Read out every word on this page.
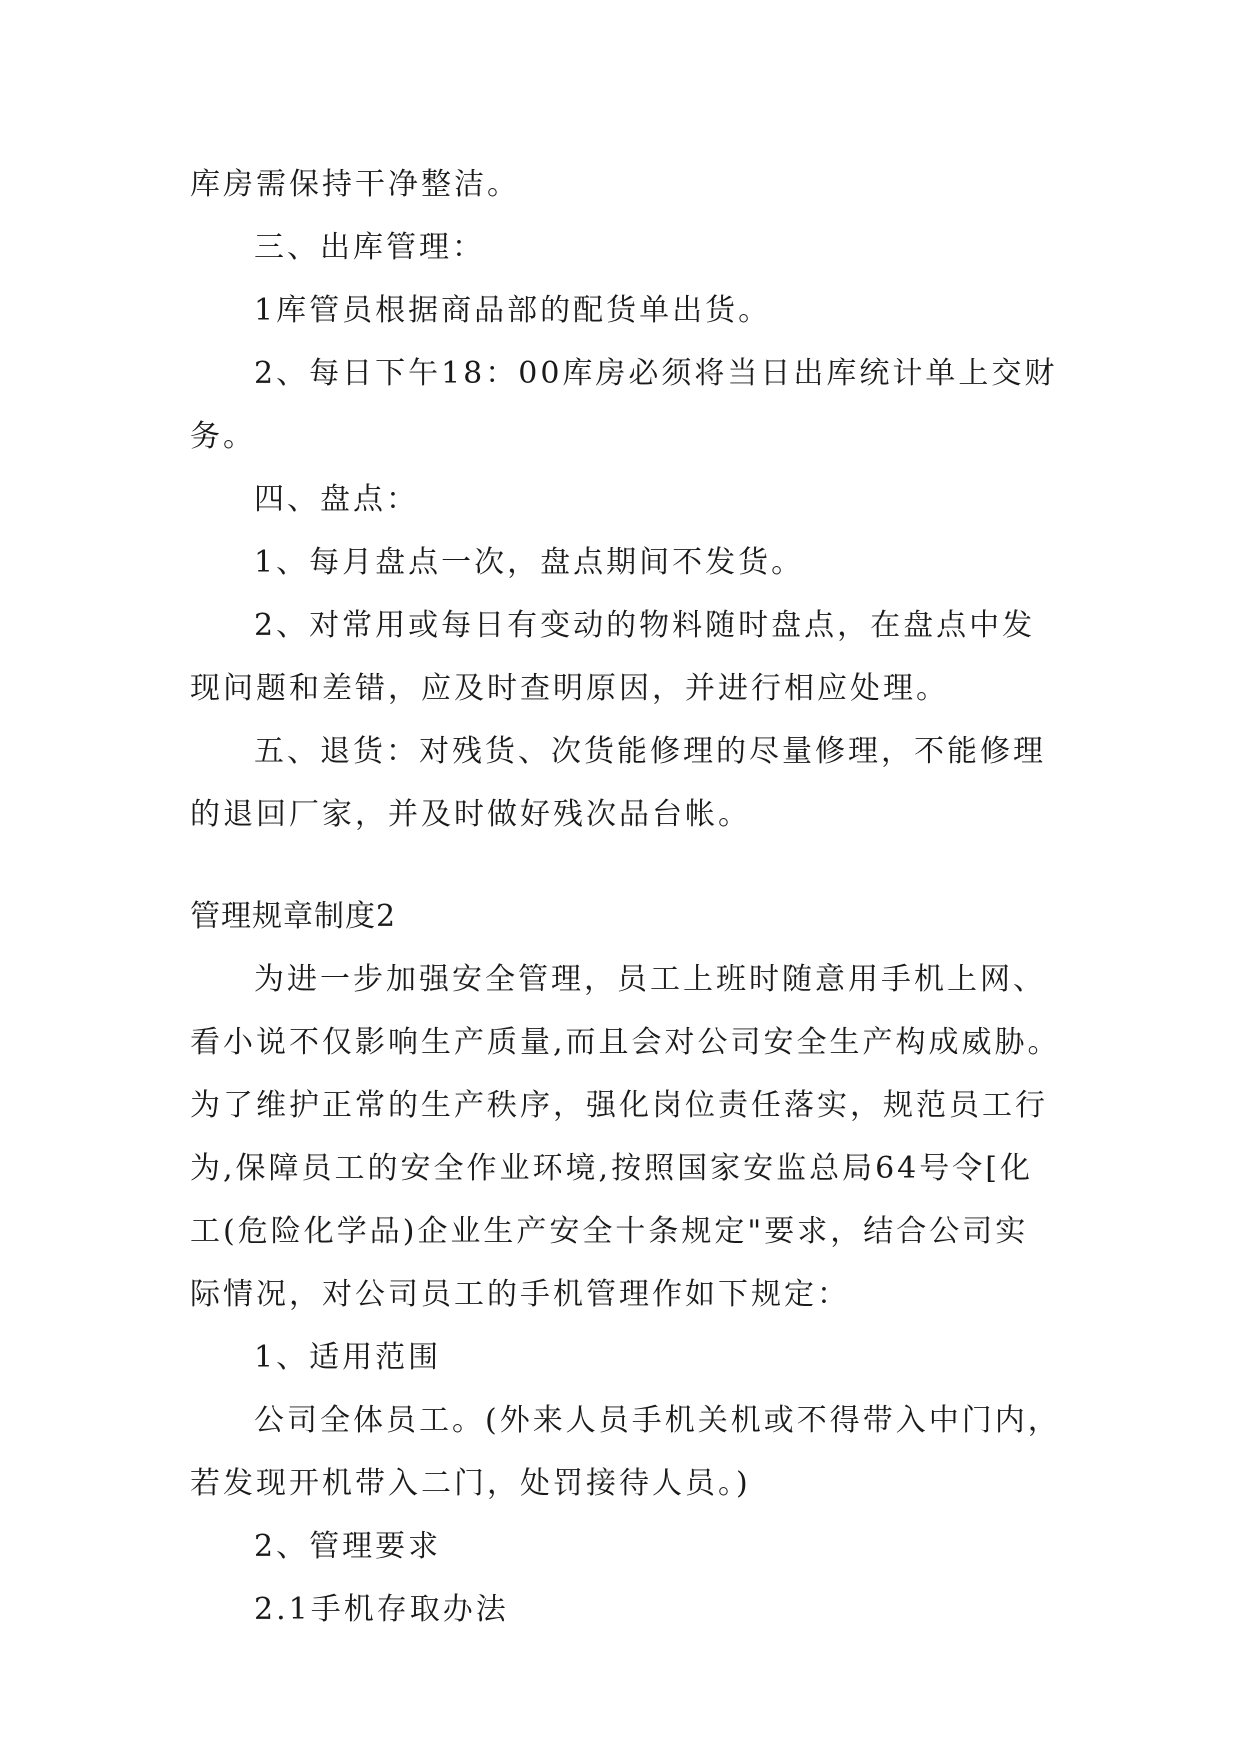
库房需保持干净整洁。
三、出库管理：
1库管员根据商品部的配货单出货。
2、每日下午18：00库房必须将当日出库统计单上交财
务。
四、盘点：
1、每月盘点一次，盘点期间不发货。
2、对常用或每日有变动的物料随时盘点，在盘点中发
现问题和差错，应及时查明原因，并进行相应处理。
五、退货：对残货、次货能修理的尽量修理，不能修理
的退回厂家，并及时做好残次品台帐。
管理规章制度2
为进一步加强安全管理，员工上班时随意用手机上网、
看小说不仅影响生产质量,而且会对公司安全生产构成威胁。
为了维护正常的生产秩序，强化岗位责任落实，规范员工行
为,保障员工的安全作业环境,按照国家安监总局64号令[化
工(危险化学品)企业生产安全十条规定"要求，结合公司实
际情况，对公司员工的手机管理作如下规定：
1、适用范围
公司全体员工。(外来人员手机关机或不得带入中门内，
若发现开机带入二门，处罚接待人员。)
2、管理要求
2.1手机存取办法
